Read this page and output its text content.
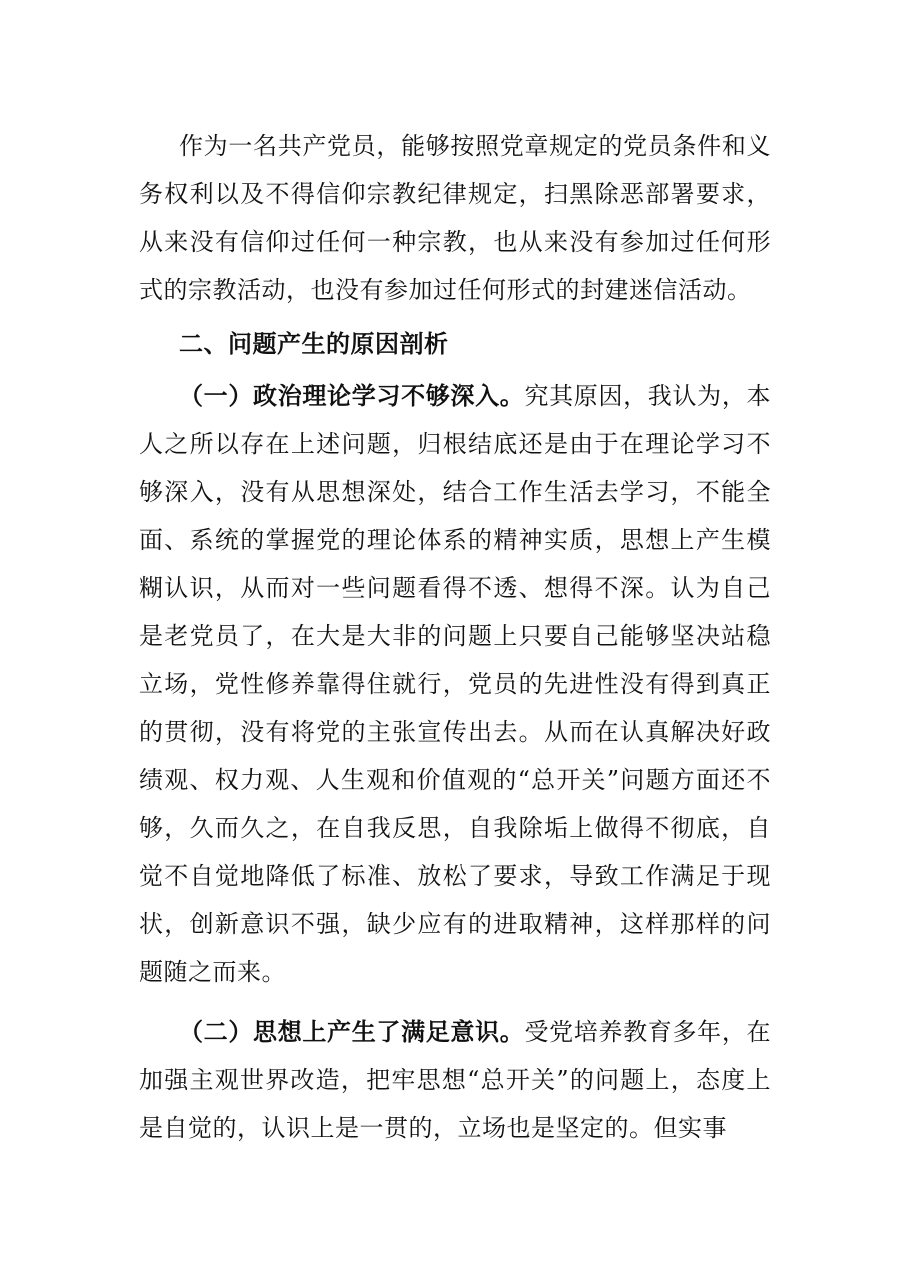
作为一名共产党员，能够按照党章规定的党员条件和义务权利以及不得信仰宗教纪律规定，扫黑除恶部署要求，从来没有信仰过任何一种宗教，也从来没有参加过任何形式的宗教活动，也没有参加过任何形式的封建迷信活动。

二、问题产生的原因剖析

（一）政治理论学习不够深入。究其原因，我认为，本人之所以存在上述问题，归根结底还是由于在理论学习不够深入，没有从思想深处，结合工作生活去学习，不能全面、系统的掌握党的理论体系的精神实质，思想上产生模糊认识，从而对一些问题看得不透、想得不深。认为自己是老党员了，在大是大非的问题上只要自己能够坚决站稳立场，党性修养靠得住就行，党员的先进性没有得到真正的贯彻，没有将党的主张宣传出去。从而在认真解决好政绩观、权力观、人生观和价值观的“总开关”问题方面还不够，久而久之，在自我反思，自我除垢上做得不彻底，自觉不自觉地降低了标准、放松了要求，导致工作满足于现状，创新意识不强，缺少应有的进取精神，这样那样的问题随之而来。

（二）思想上产生了满足意识。受党培养教育多年，在加强主观世界改造，把牢思想“总开关”的问题上，态度上是自觉的，认识上是一贯的，立场也是坚定的。但实事
